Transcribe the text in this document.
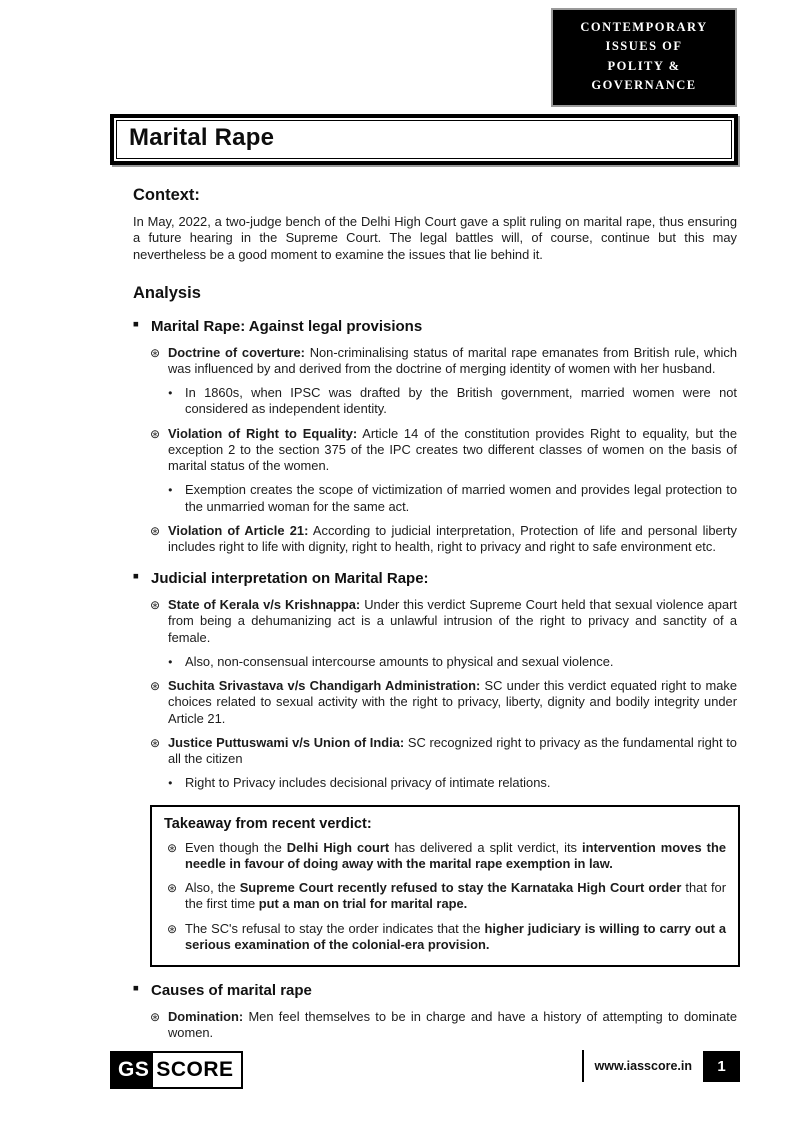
CONTEMPORARY
ISSUES OF
POLITY & GOVERNANCE
Marital Rape
Context:

In May, 2022, a two-judge bench of the Delhi High Court gave a split ruling on marital rape, thus ensuring a future hearing in the Supreme Court. The legal battles will, of course, continue but this may nevertheless be a good moment to examine the issues that lie behind it.

Analysis
■ Marital Rape: Against legal provisions
⊛ Doctrine of coverture: Non-criminalising status of marital rape emanates from British rule, which was influenced by and derived from the doctrine of merging identity of women with her husband.
● In 1860s, when IPSC was drafted by the British government, married women were not considered as independent identity.
⊛ Violation of Right to Equality: Article 14 of the constitution provides Right to equality, but the exception 2 to the section 375 of the IPC creates two different classes of women on the basis of marital status of the women.
● Exemption creates the scope of victimization of married women and provides legal protection to the unmarried woman for the same act.
⊛ Violation of Article 21: According to judicial interpretation, Protection of life and personal liberty includes right to life with dignity, right to health, right to privacy and right to safe environment etc.
■ Judicial interpretation on Marital Rape:
⊛ State of Kerala v/s Krishnappa: Under this verdict Supreme Court held that sexual violence apart from being a dehumanizing act is a unlawful intrusion of the right to privacy and sanctity of a female.
● Also, non-consensual intercourse amounts to physical and sexual violence.
⊛ Suchita Srivastava v/s Chandigarh Administration: SC under this verdict equated right to make choices related to sexual activity with the right to privacy, liberty, dignity and bodily integrity under Article 21.
⊛ Justice Puttuswami v/s Union of India: SC recognized right to privacy as the fundamental right to all the citizen
● Right to Privacy includes decisional privacy of intimate relations.
Takeaway from recent verdict:
⊛ Even though the Delhi High court has delivered a split verdict, its intervention moves the needle in favour of doing away with the marital rape exemption in law.
⊛ Also, the Supreme Court recently refused to stay the Karnataka High Court order that for the first time put a man on trial for marital rape.
⊛ The SC's refusal to stay the order indicates that the higher judiciary is willing to carry out a serious examination of the colonial-era provision.
■ Causes of marital rape
⊛ Domination: Men feel themselves to be in charge and have a history of attempting to dominate women.
GS SCORE	www.iasscore.in	1
